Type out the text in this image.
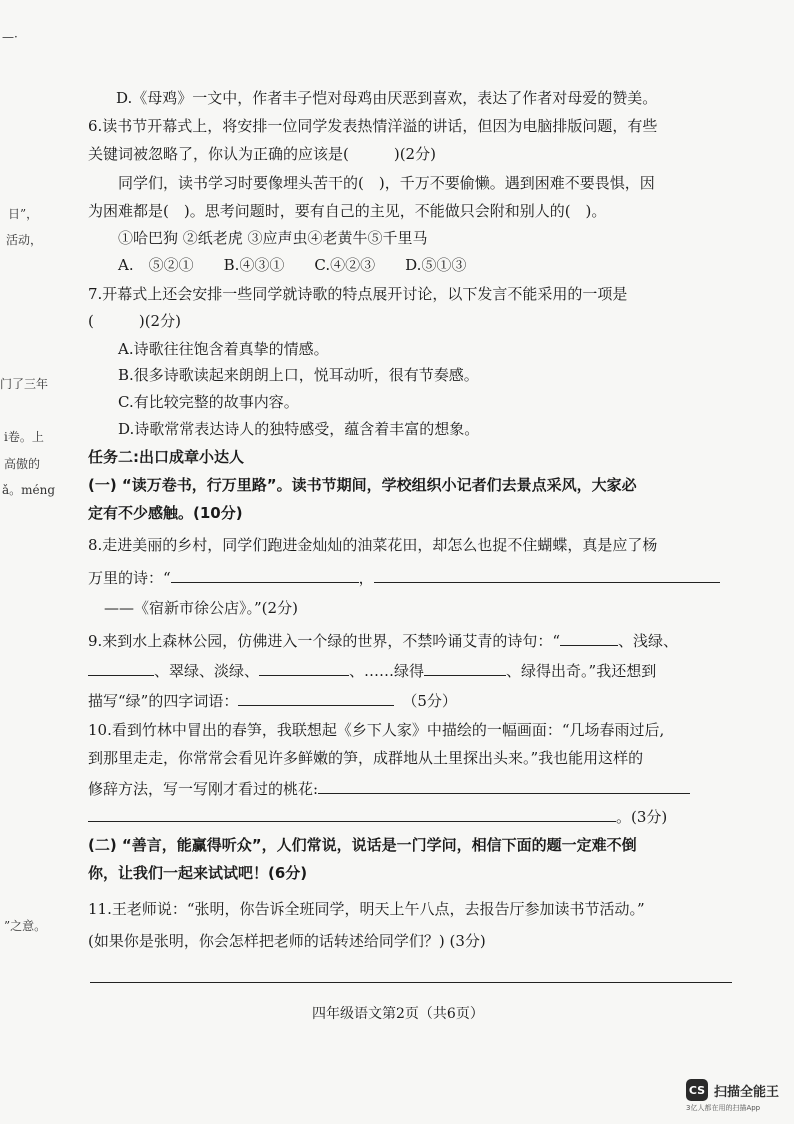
—·
日”，
活动，
门了三年
i卷。上
高傲的
ǎ。méng
”之意。
D.《母鸡》一文中，作者丰子恺对母鸡由厌恶到喜欢，表达了作者对母爱的赞美。
6.读书节开幕式上，将安排一位同学发表热情洋溢的讲话，但因为电脑排版问题，有些
关键词被忽略了，你认为正确的应该是(　　　)(2分)
同学们，读书学习时要像埋头苦干的(　)，千万不要偷懒。遇到困难不要畏惧，因
为困难都是(　)。思考问题时，要有自己的主见，不能做只会附和别人的(　)。
①哈巴狗 ②纸老虎 ③应声虫④老黄牛⑤千里马
A.　⑤②①　　B.④③①　　C.④②③　　D.⑤①③
7.开幕式上还会安排一些同学就诗歌的特点展开讨论，以下发言不能采用的一项是
(　　　)(2分)
A.诗歌往往饱含着真挚的情感。
B.很多诗歌读起来朗朗上口，悦耳动听，很有节奏感。
C.有比较完整的故事内容。
D.诗歌常常表达诗人的独特感受，蕴含着丰富的想象。
任务二:出口成章小达人
(一) “读万卷书，行万里路”。读书节期间，学校组织小记者们去景点采风，大家必
定有不少感触。(10分)
8.走进美丽的乡村，同学们跑进金灿灿的油菜花田，却怎么也捉不住蝴蝶，真是应了杨
万里的诗：“	，
——《宿新市徐公店》。”(2分)
9.来到水上森林公园，仿佛进入一个绿的世界，不禁吟诵艾青的诗句：“	、浅绿、
、翠绿、淡绿、	、……绿得	、绿得出奇。”我还想到
描写“绿”的四字词语：	（5分）
10.看到竹林中冒出的春笋，我联想起《乡下人家》中描绘的一幅画面：“几场春雨过后,
到那里走走，你常常会看见许多鲜嫩的笋，成群地从土里探出头来。”我也能用这样的
修辞方法，写一写刚才看过的桃花:
。(3分)
(二) “善言，能赢得听众”，人们常说，说话是一门学问，相信下面的题一定难不倒
你，让我们一起来试试吧！(6分)
11.王老师说：“张明，你告诉全班同学，明天上午八点，去报告厅参加读书节活动。”
(如果你是张明，你会怎样把老师的话转述给同学们？) (3分)
四年级语文第2页（共6页）
CS 扫描全能王
3亿人都在用的扫描App
